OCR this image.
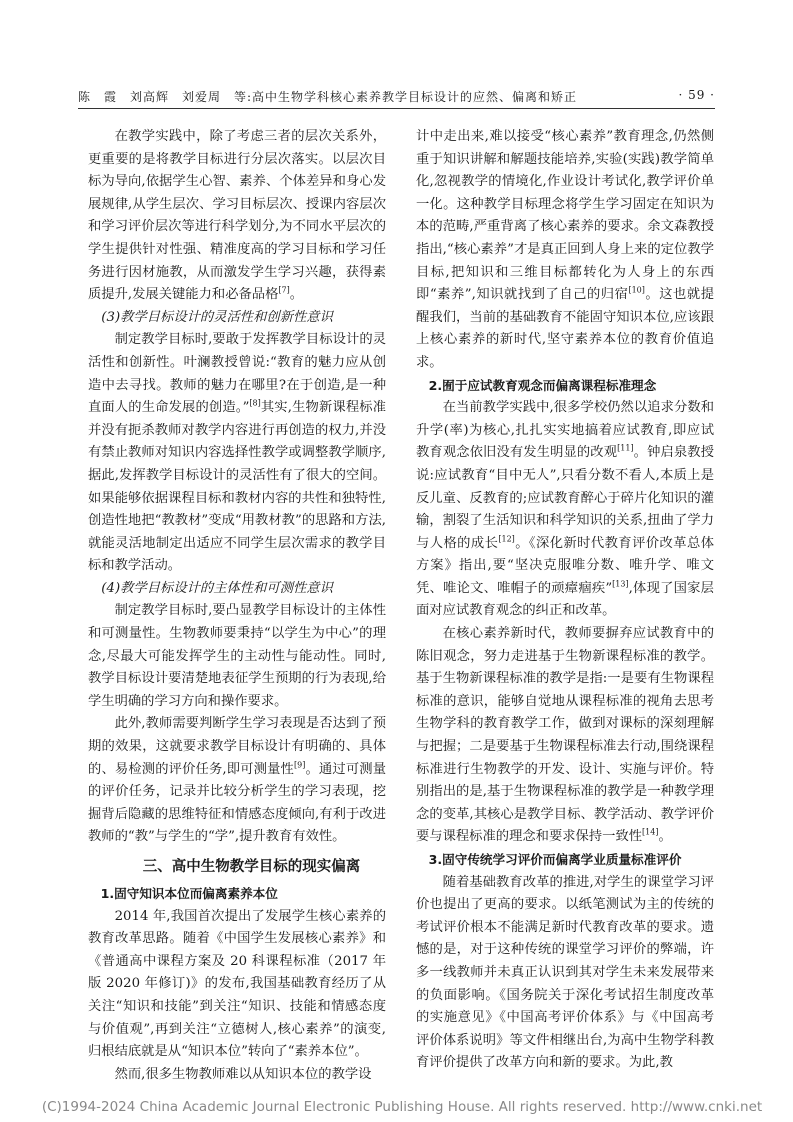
陈　霞　刘高辉　刘爱周　等:高中生物学科核心素养教学目标设计的应然、偏离和矫正	· 59 ·

在教学实践中，除了考虑三者的层次关系外，更重要的是将教学目标进行分层次落实。以层次目标为导向,依据学生心智、素养、个体差异和身心发展规律,从学生层次、学习目标层次、授课内容层次和学习评价层次等进行科学划分,为不同水平层次的学生提供针对性强、精准度高的学习目标和学习任务进行因材施教，从而激发学生学习兴趣，获得素质提升,发展关键能力和必备品格[7]。

(3)教学目标设计的灵活性和创新性意识

制定教学目标时,要敢于发挥教学目标设计的灵活性和创新性。叶澜教授曾说:“教育的魅力应从创造中去寻找。教师的魅力在哪里?在于创造,是一种直面人的生命发展的创造。”[8]其实,生物新课程标准并没有扼杀教师对教学内容进行再创造的权力,并没有禁止教师对知识内容选择性教学或调整教学顺序,据此,发挥教学目标设计的灵活性有了很大的空间。如果能够依据课程目标和教材内容的共性和独特性,创造性地把“教教材”变成“用教材教”的思路和方法,就能灵活地制定出适应不同学生层次需求的教学目标和教学活动。

(4)教学目标设计的主体性和可测性意识

制定教学目标时,要凸显教学目标设计的主体性和可测量性。生物教师要秉持“以学生为中心”的理念,尽最大可能发挥学生的主动性与能动性。同时,教学目标设计要清楚地表征学生预期的行为表现,给学生明确的学习方向和操作要求。

此外,教师需要判断学生学习表现是否达到了预期的效果，这就要求教学目标设计有明确的、具体的、易检测的评价任务,即可测量性[9]。通过可测量的评价任务，记录并比较分析学生的学习表现，挖掘背后隐藏的思维特征和情感态度倾向,有利于改进教师的“教”与学生的“学”,提升教育有效性。

三、高中生物教学目标的现实偏离

1.固守知识本位而偏离素养本位

2014 年,我国首次提出了发展学生核心素养的教育改革思路。随着《中国学生发展核心素养》和《普通高中课程方案及 20 科课程标准（2017 年版 2020 年修订)》的发布,我国基础教育经历了从关注“知识和技能”到关注“知识、技能和情感态度与价值观”,再到关注“立德树人,核心素养”的演变,归根结底就是从“知识本位”转向了“素养本位”。

然而,很多生物教师难以从知识本位的教学设

计中走出来,难以接受“核心素养”教育理念,仍然侧重于知识讲解和解题技能培养,实验(实践)教学简单化,忽视教学的情境化,作业设计考试化,教学评价单一化。这种教学目标理念将学生学习固定在知识为本的范畴,严重背离了核心素养的要求。余文森教授指出,“核心素养”才是真正回到人身上来的定位教学目标,把知识和三维目标都转化为人身上的东西即“素养”,知识就找到了自己的归宿[10]。这也就提醒我们，当前的基础教育不能固守知识本位,应该跟上核心素养的新时代,坚守素养本位的教育价值追求。

2.囿于应试教育观念而偏离课程标准理念

在当前教学实践中,很多学校仍然以追求分数和升学(率)为核心,扎扎实实地搞着应试教育,即应试教育观念依旧没有发生明显的改观[11]。钟启泉教授说:应试教育“目中无人”,只看分数不看人,本质上是反儿童、反教育的;应试教育醉心于碎片化知识的灌输，割裂了生活知识和科学知识的关系,扭曲了学力与人格的成长[12]。《深化新时代教育评价改革总体方案》指出,要“坚决克服唯分数、唯升学、唯文凭、唯论文、唯帽子的顽瘴痼疾”[13],体现了国家层面对应试教育观念的纠正和改革。

在核心素养新时代，教师要摒弃应试教育中的陈旧观念，努力走进基于生物新课程标准的教学。基于生物新课程标准的教学是指:一是要有生物课程标准的意识，能够自觉地从课程标准的视角去思考生物学科的教育教学工作，做到对课标的深刻理解与把握；二是要基于生物课程标准去行动,围绕课程标准进行生物教学的开发、设计、实施与评价。特别指出的是,基于生物课程标准的教学是一种教学理念的变革,其核心是教学目标、教学活动、教学评价要与课程标准的理念和要求保持一致性[14]。

3.固守传统学习评价而偏离学业质量标准评价

随着基础教育改革的推进,对学生的课堂学习评价也提出了更高的要求。以纸笔测试为主的传统的考试评价根本不能满足新时代教育改革的要求。遗憾的是，对于这种传统的课堂学习评价的弊端，许多一线教师并未真正认识到其对学生未来发展带来的负面影响。《国务院关于深化考试招生制度改革的实施意见》《中国高考评价体系》与《中国高考评价体系说明》等文件相继出台,为高中生物学科教育评价提供了改革方向和新的要求。为此,教

(C)1994-2024 China Academic Journal Electronic Publishing House. All rights reserved. http://www.cnki.net
